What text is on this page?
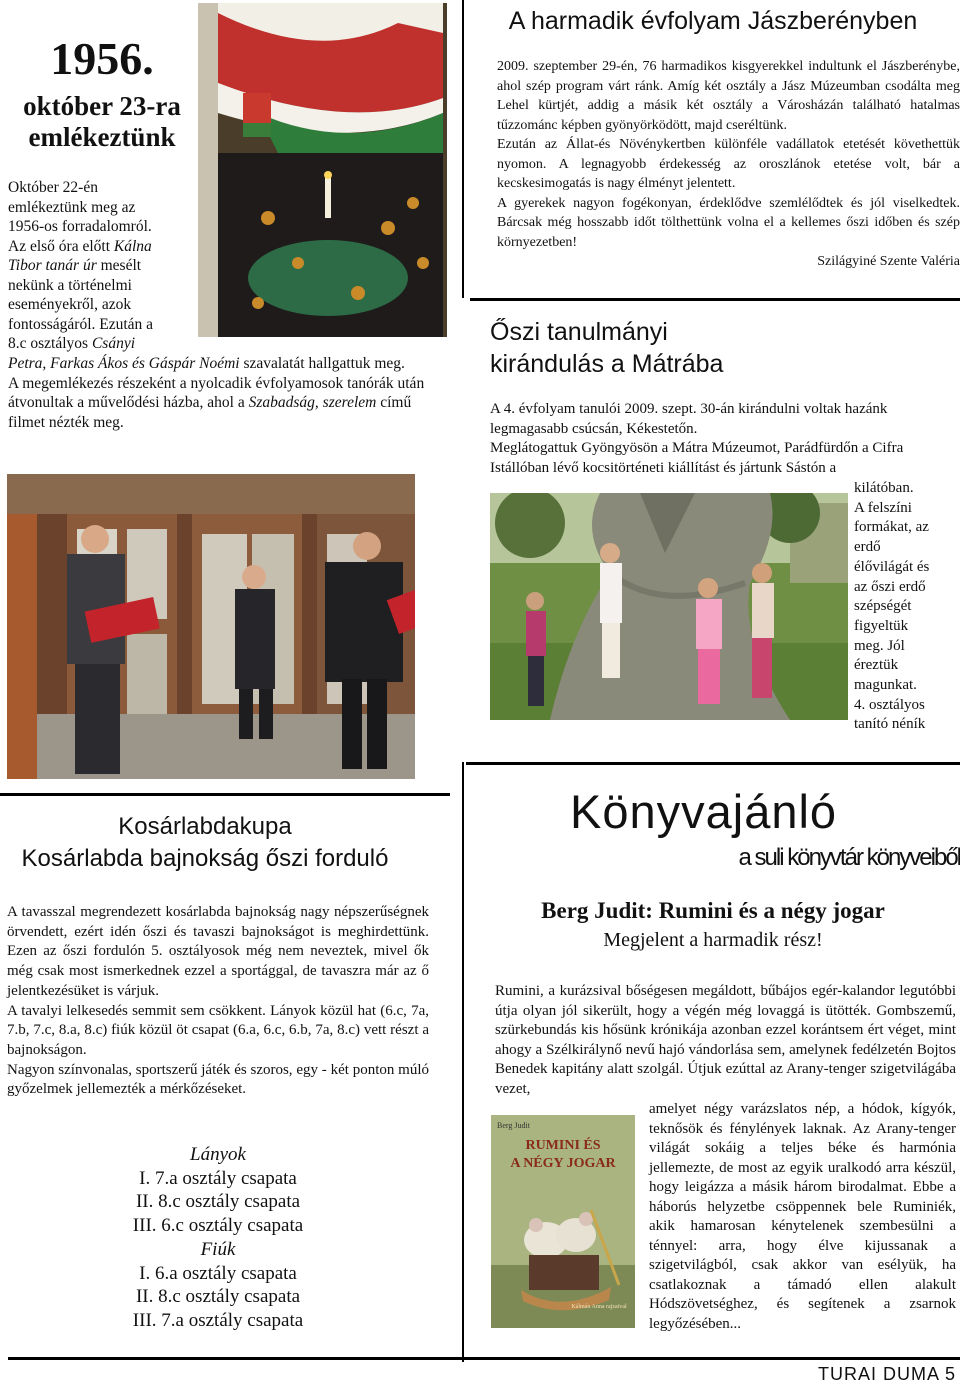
1956.
október 23-ra emlékeztünk
Október 22-én
emlékeztünk meg az
1956-os forradalomról.
Az első óra előtt Kálna
Tibor tanár úr mesélt
nekünk a történelmi
eseményekről, azok
fontosságáról. Ezután a
8.c osztályos Csányi

Petra, Farkas Ákos és Gáspár Noémi szavalatát hallgattuk meg.

A megemlékezés részeként a nyolcadik évfolyamosok tanórák után átvonultak a művelődési házba, ahol a Szabadság, szerelem című filmet nézték meg.

A harmadik évfolyam Jászberényben

2009. szeptember 29-én, 76 harmadikos kisgyerekkel indultunk el Jászberénybe, ahol szép program várt ránk. Amíg két osztály a Jász Múzeumban csodálta meg Lehel kürtjét, addig a másik két osztály a Városházán található hatalmas tűzzománc képben gyönyörködött, majd cseréltünk.

Ezután az Állat-és Növénykertben különféle vadállatok etetését követhettük nyomon. A legnagyobb érdekesség az oroszlánok etetése volt, bár a kecskesimogatás is nagy élményt jelentett.

A gyerekek nagyon fogékonyan, érdeklődve szemlélődtek és jól viselkedtek. Bárcsak még hosszabb időt tölthettünk volna el a kellemes őszi időben és szép környezetben!

Szilágyiné Szente Valéria

Őszi tanulmányi
kirándulás a Mátrába

A 4. évfolyam tanulói 2009. szept. 30-án kirándulni voltak hazánk legmagasabb csúcsán, Kékestetőn.

Meglátogattuk Gyöngyösön a Mátra Múzeumot, Parádfürdőn a Cifra Istállóban lévő kocsitörténeti kiállítást és jártunk Sástón a

kilátóban.
A felszíni
formákat, az
erdő
élővilágát és
az őszi erdő
szépségét
figyeltük
meg. Jól
éreztük
magunkat.
4. osztályos
tanító néník
Kosárlabdakupa
Kosárlabda bajnokság őszi forduló

A tavasszal megrendezett kosárlabda bajnokság nagy népszerűségnek örvendett, ezért idén őszi és tavaszi bajnokságot is meghirdettünk. Ezen az őszi fordulón 5. osztályosok még nem neveztek, mivel ők még csak most ismerkednek ezzel a sportággal, de tavaszra már az ő jelentkezésüket is várjuk.

A tavalyi lelkesedés semmit sem csökkent. Lányok közül hat (6.c, 7a, 7.b, 7.c, 8.a, 8.c) fiúk közül öt csapat (6.a, 6.c, 6.b, 7a, 8.c) vett részt a bajnokságon.

Nagyon színvonalas, sportszerű játék és szoros, egy - két ponton múló győzelmek jellemezték a mérkőzéseket.

Lányok
I. 7.a osztály csapata
II. 8.c osztály csapata
III. 6.c osztály csapata
Fiúk
I. 6.a osztály csapata
II. 8.c osztály csapata
III. 7.a osztály csapata
Könyvajánló
a suli könyvtár könyveiből
Berg Judit: Rumini és a négy jogar
Megjelent a harmadik rész!
Rumini, a kurázsival bőségesen megáldott, bűbájos egér-kalandor legutóbbi útja olyan jól sikerült, hogy a végén még lovaggá is ütötték. Gombszemű, szürkebundás kis hősünk krónikája azonban ezzel korántsem ért véget, mint ahogy a Szélkirálynő nevű hajó vándorlása sem, amelynek fedélzetén Bojtos Benedek kapitány alatt szolgál. Útjuk ezúttal az Arany-tenger szigetvilágába vezet,
Berg Judit
RUMINI ÉS
A NÉGY JOGAR
Kálmán Anna rajzaival
amelyet négy varázslatos nép, a hódok, kígyók, teknősök és fénylények laknak. Az Arany-tenger világát sokáig a teljes béke és harmónia jellemezte, de most az egyik uralkodó arra készül, hogy leigázza a másik három birodalmat. Ebbe a háborús helyzetbe csöppennek bele Ruminiék, akik hamarosan kénytelenek szembesülni a ténnyel: arra, hogy élve kijussanak a szigetvilágból, csak akkor van esélyük, ha csatlakoznak a támadó ellen alakult Hódszövetséghez, és segítenek a zsarnok legyőzésében...
TURAI DUMA 5
